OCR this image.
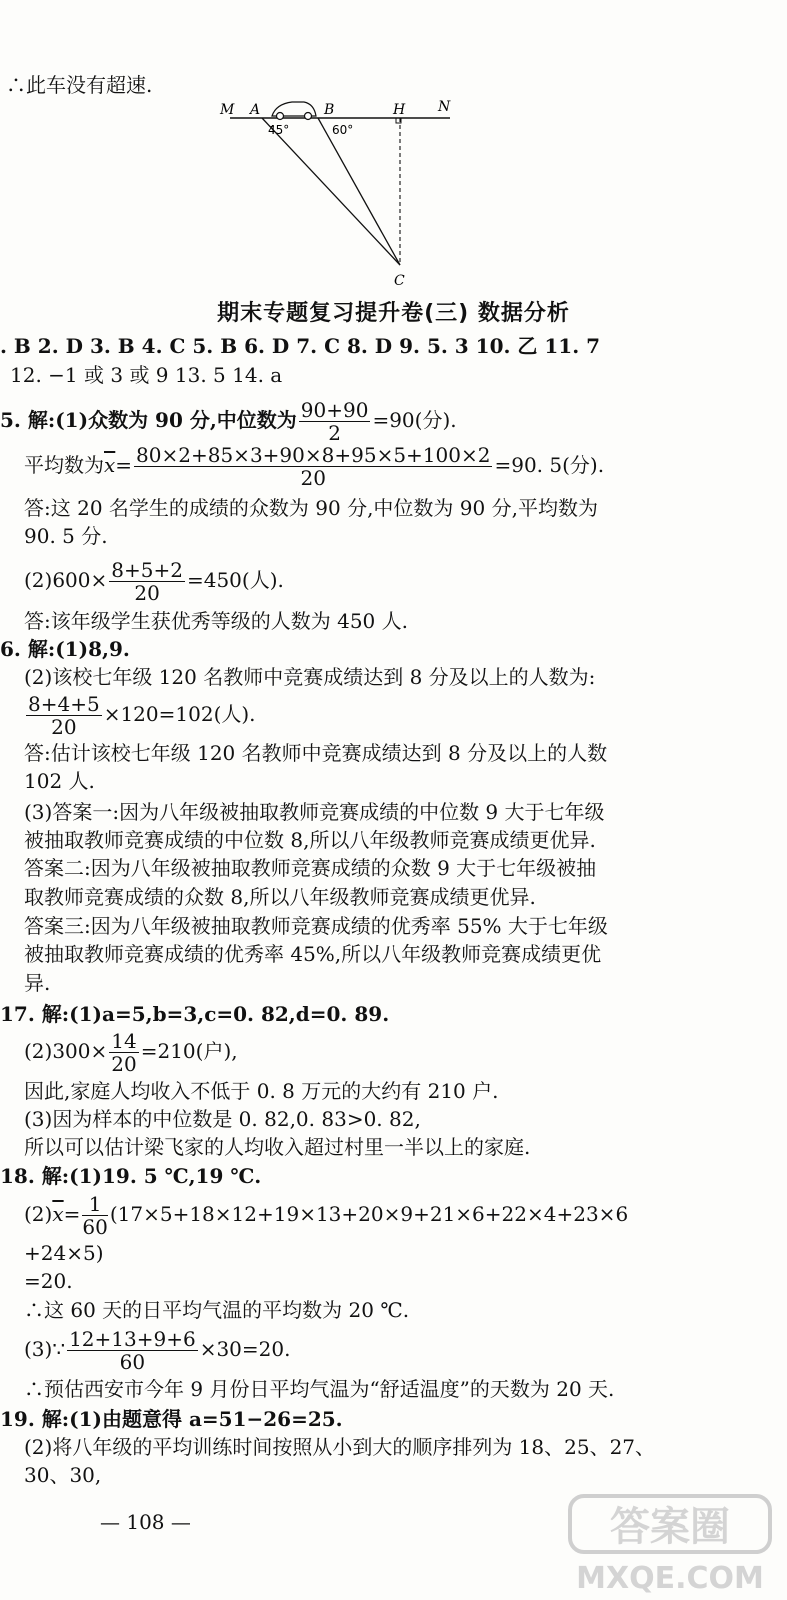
∴此车没有超速.
M A	B	H N
C
45°	60°
期末专题复习提升卷(三) 数据分析
. B 2. D 3. B 4. C 5. B 6. D 7. C 8. D 9. 5. 3 10. 乙 11. 7
12. −1 或 3 或 9 13. 5 14. a
5. 解:(1)众数为 90 分,中位数为 $\frac{90+90}{2} =90$(分).
平均数为$\overline{x}= \frac{80\times 2+85\times 3+90\times 8+95\times 5+100\times 2}{20} =90$. 5(分).
答:这 20 名学生的成绩的众数为 90 分,中位数为 90 分,平均数为
90. 5 分.
$(2)600\times \frac{8+5+2}{20} =450$(人).
答:该年级学生获优秀等级的人数为 450 人.
6. 解:(1)8,9.
(2)该校七年级 120 名教师中竞赛成绩达到 8 分及以上的人数为:
$\frac{8+4+5}{20} \times 120=102$(人).
答:估计该校七年级 120 名教师中竞赛成绩达到 8 分及以上的人数
102 人.
(3)答案一:因为八年级被抽取教师竞赛成绩的中位数 9 大于七年级
被抽取教师竞赛成绩的中位数 8,所以八年级教师竞赛成绩更优异.
答案二:因为八年级被抽取教师竞赛成绩的众数 9 大于七年级被抽
取教师竞赛成绩的众数 8,所以八年级教师竞赛成绩更优异.
答案三:因为八年级被抽取教师竞赛成绩的优秀率 55% 大于七年级
被抽取教师竞赛成绩的优秀率 45%,所以八年级教师竞赛成绩更优
异.
17. 解:(1)a=5,b=3,c=0. 82,d=0. 89.
$(2)300\times \frac{14}{20} =210$(户),
因此,家庭人均收入不低于 0. 8 万元的大约有 210 户.
(3)因为样本的中位数是 0. 82,0. 83>0. 82,
所以可以估计梁飞家的人均收入超过村里一半以上的家庭.
18. 解:(1)19. 5 ℃,19 ℃.
$(2)\overline{x}= \frac{1}{60} (17\times 5+18\times 12+19\times 13+20\times 9+21\times 6+22\times 4+23\times 6$
+24×5)
=20.
∴这 60 天的日平均气温的平均数为 20 ℃.
(3)∵ $\frac{12+13+9+6}{60} \times 30=20$.
∴预估西安市今年 9 月份日平均气温为“舒适温度”的天数为 20 天.
19. 解:(1)由题意得 a=51−26=25.
(2)将八年级的平均训练时间按照从小到大的顺序排列为 18、25、27、
30、30,
— 108 —	答案圈
MXQE.COM
